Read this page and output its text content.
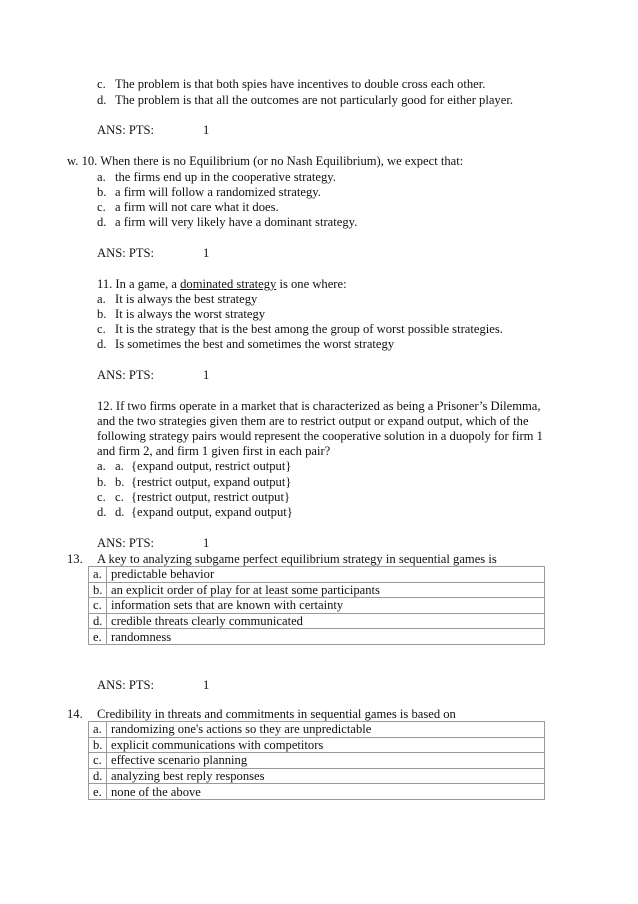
c. The problem is that both spies have incentives to double cross each other.
d. The problem is that all the outcomes are not particularly good for either player.
ANS: PTS:	1
w. 10. When there is no Equilibrium (or no Nash Equilibrium), we expect that:
a. the firms end up in the cooperative strategy.
b. a firm will follow a randomized strategy.
c. a firm will not care what it does.
d. a firm will very likely have a dominant strategy.
ANS: PTS:	1
11. In a game, a dominated strategy is one where:
a. It is always the best strategy
b. It is always the worst strategy
c. It is the strategy that is the best among the group of worst possible strategies.
d. Is sometimes the best and sometimes the worst strategy
ANS: PTS:	1
12. If two firms operate in a market that is characterized as being a Prisoner’s Dilemma,
and the two strategies given them are to restrict output or expand output, which of the
following strategy pairs would represent the cooperative solution in a duopoly for firm 1
and firm 2, and firm 1 given first in each pair?
a. a. {expand output, restrict output}
b. b. {restrict output, expand output}
c. c. {restrict output, restrict output}
d. d. {expand output, expand output}
ANS: PTS:	1
13. A key to analyzing subgame perfect equilibrium strategy in sequential games is
a.	predictable behavior
b.	an explicit order of play for at least some participants
c.	information sets that are known with certainty
d.	credible threats clearly communicated
e.	randomness
ANS: PTS:	1
14. Credibility in threats and commitments in sequential games is based on
a.	randomizing one's actions so they are unpredictable
b.	explicit communications with competitors
c.	effective scenario planning
d.	analyzing best reply responses
e.	none of the above
